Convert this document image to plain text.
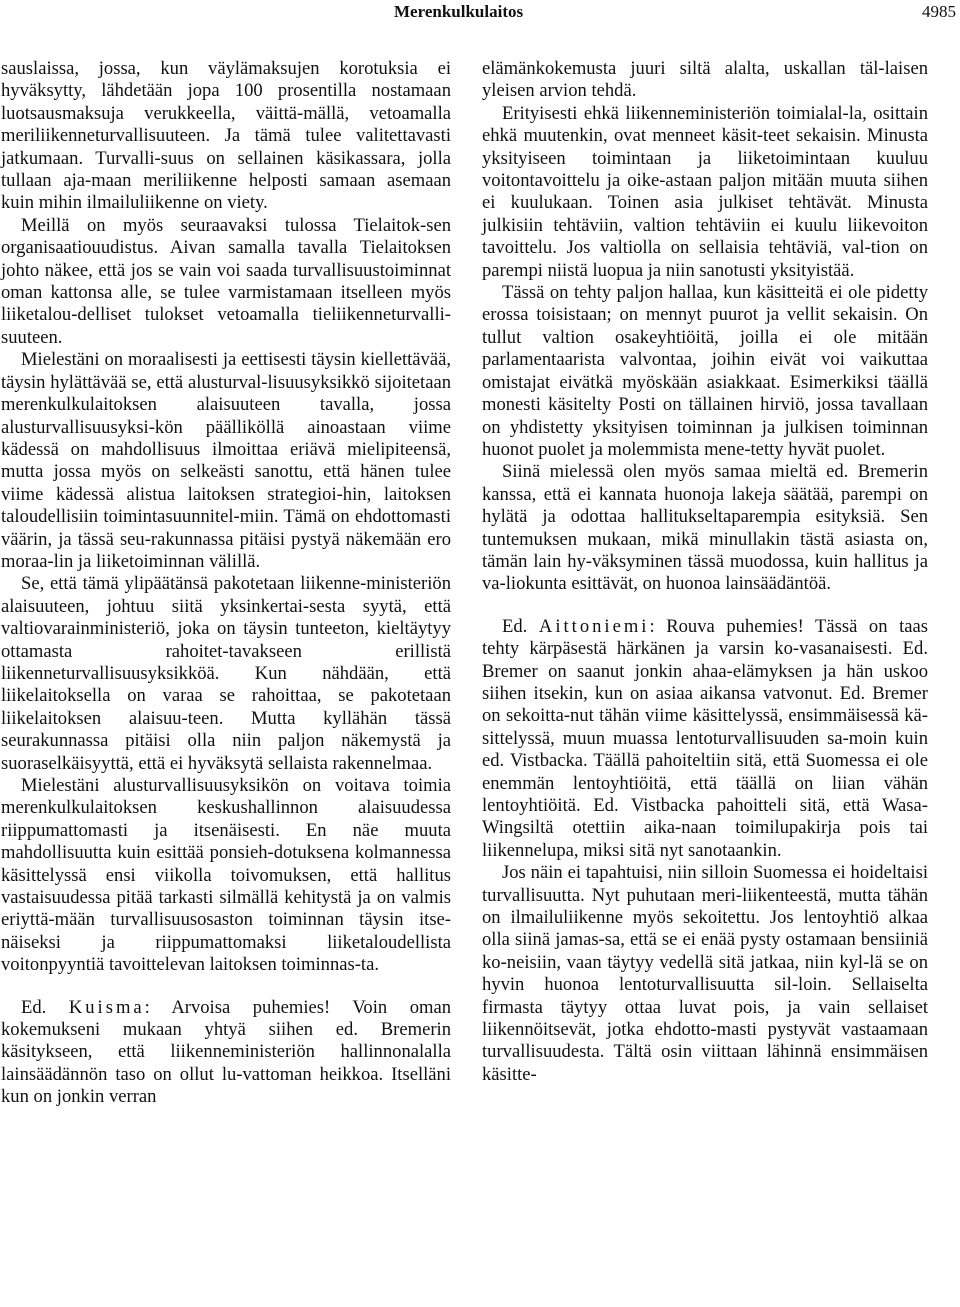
Merenkulkulaitos	4985

sauslaissa, jossa, kun väylämaksujen korotuksia ei hyväksytty, lähdetään jopa 100 prosentilla nostamaan luotsausmaksuja verukkeella, väittä-mällä, vetoamalla meriliikenneturvallisuuteen. Ja tämä tulee valitettavasti jatkumaan. Turvalli-suus on sellainen käsikassara, jolla tullaan aja-maan meriliikenne helposti samaan asemaan kuin mihin ilmailuliikenne on viety.

Meillä on myös seuraavaksi tulossa Tielaitok-sen organisaatiouudistus. Aivan samalla tavalla Tielaitoksen johto näkee, että jos se vain voi saada turvallisuustoiminnat oman kattonsa alle, se tulee varmistamaan itselleen myös liiketalou-delliset tulokset vetoamalla tieliikenneturvalli-suuteen.

Mielestäni on moraalisesti ja eettisesti täysin kiellettävää, täysin hylättävää se, että alusturval-lisuusyksikkö sijoitetaan merenkulkulaitoksen alaisuuteen tavalla, jossa alusturvallisuusyksi-kön päälliköllä ainoastaan viime kädessä on mahdollisuus ilmoittaa eriävä mielipiteensä, mutta jossa myös on selkeästi sanottu, että hänen tulee viime kädessä alistua laitoksen strategioi-hin, laitoksen taloudellisiin toimintasuunnitel-miin. Tämä on ehdottomasti väärin, ja tässä seu-rakunnassa pitäisi pystyä näkemään ero moraa-lin ja liiketoiminnan välillä.

Se, että tämä ylipäätänsä pakotetaan liikenne-ministeriön alaisuuteen, johtuu siitä yksinkertai-sesta syytä, että valtiovarainministeriö, joka on täysin tunteeton, kieltäytyy ottamasta rahoitet-tavakseen erillistä liikenneturvallisuusyksikköä. Kun nähdään, että liikelaitoksella on varaa se rahoittaa, se pakotetaan liikelaitoksen alaisuu-teen. Mutta kyllähän tässä seurakunnassa pitäisi olla niin paljon näkemystä ja suoraselkäisyyttä, että ei hyväksytä sellaista rakennelmaa.

Mielestäni alusturvallisuusyksikön on voitava toimia merenkulkulaitoksen keskushallinnon alaisuudessa riippumattomasti ja itsenäisesti. En näe muuta mahdollisuutta kuin esittää ponsieh-dotuksena kolmannessa käsittelyssä ensi viikolla toivomuksen, että hallitus vastaisuudessa pitää tarkasti silmällä kehitystä ja on valmis eriyttä-mään turvallisuusosaston toiminnan täysin itse-näiseksi ja riippumattomaksi liiketaloudellista voitonpyyntiä tavoittelevan laitoksen toiminnas-ta.

Ed. Kuisma: Arvoisa puhemies! Voin oman kokemukseni mukaan yhtyä siihen ed. Bremerin käsitykseen, että liikenneministeriön hallinnonalalla lainsäädännön taso on ollut lu-vattoman heikkoa. Itselläni kun on jonkin verran

elämänkokemusta juuri siltä alalta, uskallan täl-laisen yleisen arvion tehdä.

Erityisesti ehkä liikenneministeriön toimialal-la, osittain ehkä muutenkin, ovat menneet käsit-teet sekaisin. Minusta yksityiseen toimintaan ja liiketoimintaan kuuluu voitontavoittelu ja oike-astaan paljon mitään muuta siihen ei kuulukaan. Toinen asia julkiset tehtävät. Minusta julkisiin tehtäviin, valtion tehtäviin ei kuulu liikevoiton tavoittelu. Jos valtiolla on sellaisia tehtäviä, val-tion on parempi niistä luopua ja niin sanotusti yksityistää.

Tässä on tehty paljon hallaa, kun käsitteitä ei ole pidetty erossa toisistaan; on mennyt puurot ja vellit sekaisin. On tullut valtion osakeyhtiöitä, joilla ei ole mitään parlamentaarista valvontaa, joihin eivät voi vaikuttaa omistajat eivätkä myöskään asiakkaat. Esimerkiksi täällä monesti käsitelty Posti on tällainen hirviö, jossa tavallaan on yhdistetty yksityisen toiminnan ja julkisen toiminnan huonot puolet ja molemmista mene-tetty hyvät puolet.

Siinä mielessä olen myös samaa mieltä ed. Bremerin kanssa, että ei kannata huonoja lakeja säätää, parempi on hylätä ja odottaa hallitukseltaparempia esityksiä. Sen tuntemuksen mukaan, mikä minullakin tästä asiasta on, tämän lain hy-väksyminen tässä muodossa, kuin hallitus ja va-liokunta esittävät, on huonoa lainsäädäntöä.

Ed. Aittoniemi: Rouva puhemies! Tässä on taas tehty kärpäsestä härkänen ja varsin ko-vasanaisesti. Ed. Bremer on saanut jonkin ahaa-elämyksen ja hän uskoo siihen itsekin, kun on asiaa aikansa vatvonut. Ed. Bremer on sekoitta-nut tähän viime käsittelyssä, ensimmäisessä kä-sittelyssä, muun muassa lentoturvallisuuden sa-moin kuin ed. Vistbacka. Täällä pahoiteltiin sitä, että Suomessa ei ole enemmän lentoyhtiöitä, että täällä on liian vähän lentoyhtiöitä. Ed. Vistbacka pahoitteli sitä, että Wasa-Wingsiltä otettiin aika-naan toimilupakirja pois tai liikennelupa, miksi sitä nyt sanotaankin.

Jos näin ei tapahtuisi, niin silloin Suomessa ei hoideltaisi turvallisuutta. Nyt puhutaan meri-liikenteestä, mutta tähän on ilmailuliikenne myös sekoitettu. Jos lentoyhtiö alkaa olla siinä jamas-sa, että se ei enää pysty ostamaan bensiiniä ko-neisiin, vaan täytyy vedellä sitä jatkaa, niin kyl-lä se on hyvin huonoa lentoturvallisuutta sil-loin. Sellaiselta firmasta täytyy ottaa luvat pois, ja vain sellaiset liikennöitsevät, jotka ehdotto-masti pystyvät vastaamaan turvallisuudesta. Tältä osin viittaan lähinnä ensimmäisen käsitte-
